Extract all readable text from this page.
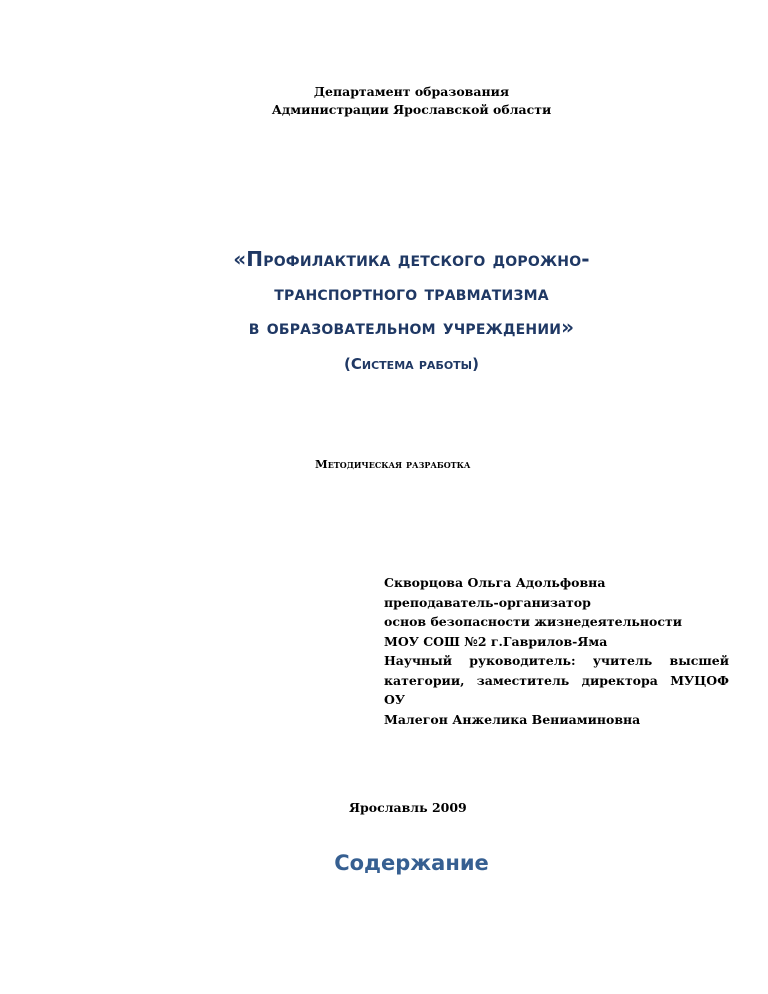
Департамент образования
Администрации Ярославской области
«Профилактика детского дорожно-
транспортного травматизма
в образовательном учреждении»
(Система работы)
Методическая разработка
Скворцова Ольга Адольфовна
преподаватель-организатор
основ безопасности жизнедеятельности
МОУ СОШ №2 г.Гаврилов-Яма
Научный руководитель: учитель высшей категории, заместитель директора МУЦОФ ОУ
Малегон Анжелика Вениаминовна
Ярославль 2009
Содержание
